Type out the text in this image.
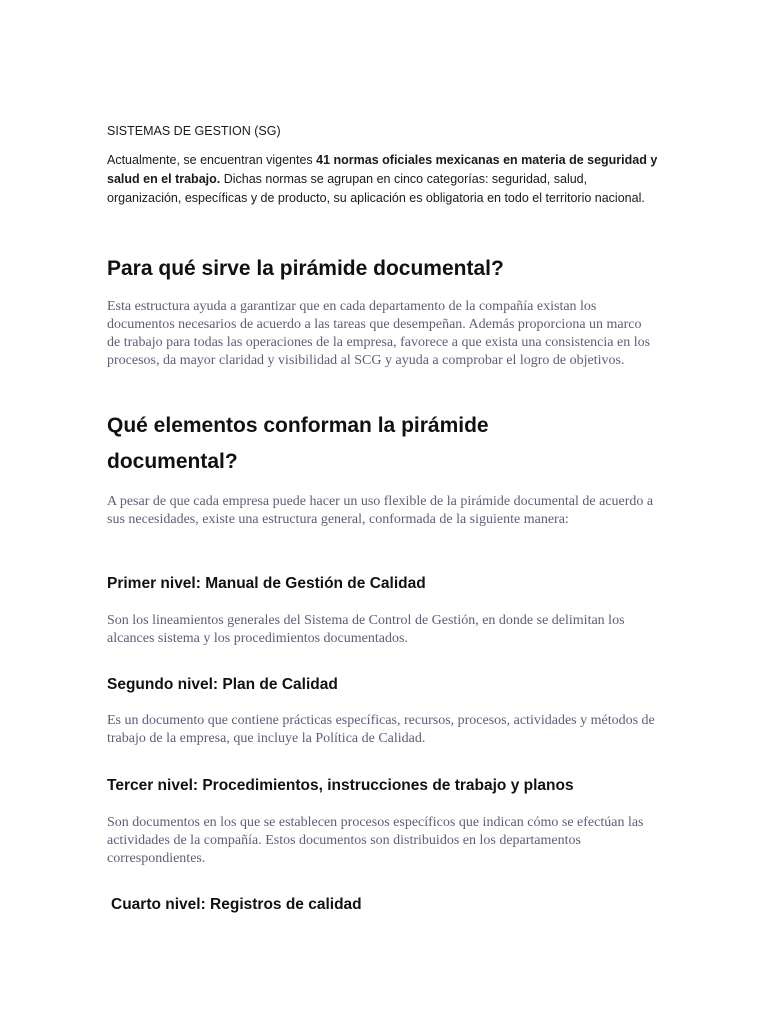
SISTEMAS DE GESTION (SG)

Actualmente, se encuentran vigentes 41 normas oficiales mexicanas en materia de seguridad y salud en el trabajo. Dichas normas se agrupan en cinco categorías: seguridad, salud, organización, específicas y de producto, su aplicación es obligatoria en todo el territorio nacional.

Para qué sirve la pirámide documental?

Esta estructura ayuda a garantizar que en cada departamento de la compañía existan los documentos necesarios de acuerdo a las tareas que desempeñan. Además proporciona un marco de trabajo para todas las operaciones de la empresa, favorece a que exista una consistencia en los procesos, da mayor claridad y visibilidad al SCG y ayuda a comprobar el logro de objetivos.

Qué elementos conforman la pirámide documental?

A pesar de que cada empresa puede hacer un uso flexible de la pirámide documental de acuerdo a sus necesidades, existe una estructura general, conformada de la siguiente manera:

Primer nivel: Manual de Gestión de Calidad

Son los lineamientos generales del Sistema de Control de Gestión, en donde se delimitan los alcances sistema y los procedimientos documentados.

Segundo nivel: Plan de Calidad

Es un documento que contiene prácticas específicas, recursos, procesos, actividades y métodos de trabajo de la empresa, que incluye la Política de Calidad.

Tercer nivel: Procedimientos, instrucciones de trabajo y planos

Son documentos en los que se establecen procesos específicos que indican cómo se efectúan las actividades de la compañía. Estos documentos son distribuidos en los departamentos correspondientes.

Cuarto nivel: Registros de calidad
